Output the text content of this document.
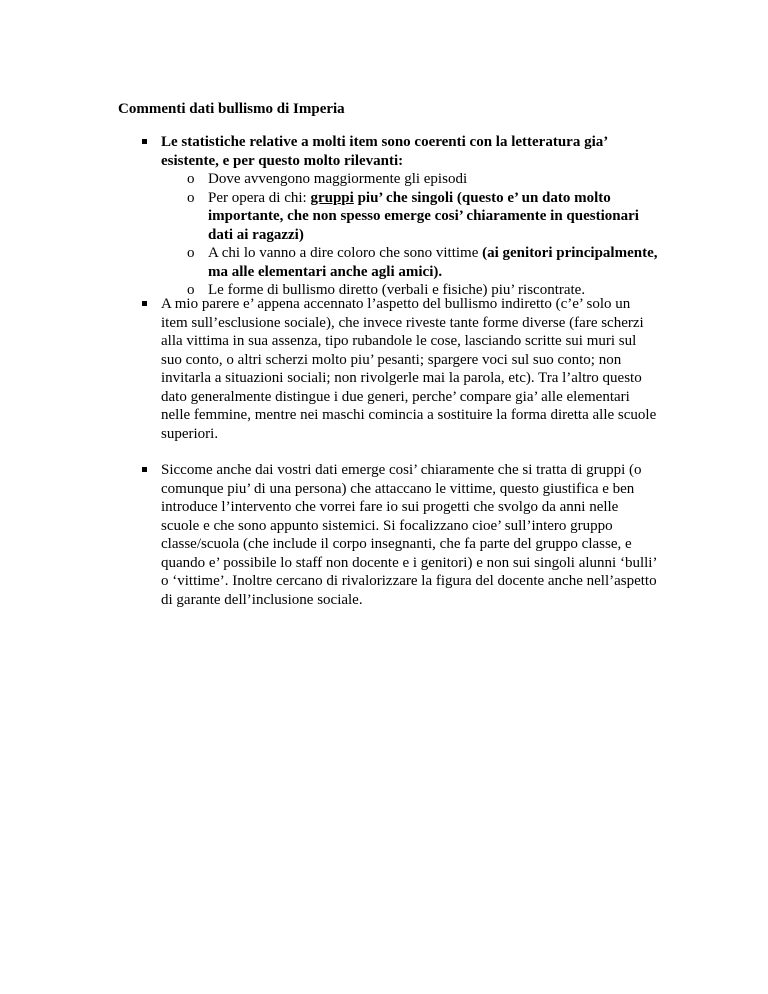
Commenti dati bullismo di Imperia
Le statistiche relative a molti item sono coerenti con la letteratura gia’ esistente, e per questo molto rilevanti:
o Dove avvengono maggiormente gli episodi
o Per opera di chi: gruppi piu’ che singoli (questo e’ un dato molto importante, che non spesso emerge cosi’ chiaramente in questionari dati ai ragazzi)
o A chi lo vanno a dire coloro che sono vittime (ai genitori principalmente, ma alle elementari anche agli amici).
o Le forme di bullismo diretto (verbali e fisiche) piu’ riscontrate.
A mio parere e’ appena accennato l’aspetto del bullismo indiretto (c’e’ solo un item sull’esclusione sociale), che invece riveste tante forme diverse (fare scherzi alla vittima in sua assenza, tipo rubandole le cose, lasciando scritte sui muri sul suo conto, o altri scherzi molto piu’ pesanti; spargere voci sul suo conto; non invitarla a situazioni sociali; non rivolgerle mai la parola, etc). Tra l’altro questo dato generalmente distingue i due generi, perche’ compare gia’ alle elementari nelle femmine, mentre nei maschi comincia a sostituire la forma diretta alle scuole superiori.
Siccome anche dai vostri dati emerge cosi’ chiaramente che si tratta di gruppi (o comunque piu’ di una persona) che attaccano le vittime, questo giustifica e ben introduce l’intervento che vorrei fare io sui progetti che svolgo da anni nelle scuole e che sono appunto sistemici. Si focalizzano cioe’ sull’intero gruppo classe/scuola (che include il corpo insegnanti, che fa parte del gruppo classe, e quando e’ possibile lo staff non docente e i genitori) e non sui singoli alunni ‘bulli’ o ‘vittime’. Inoltre cercano di rivalorizzare la figura del docente anche nell’aspetto di garante dell’inclusione sociale.
